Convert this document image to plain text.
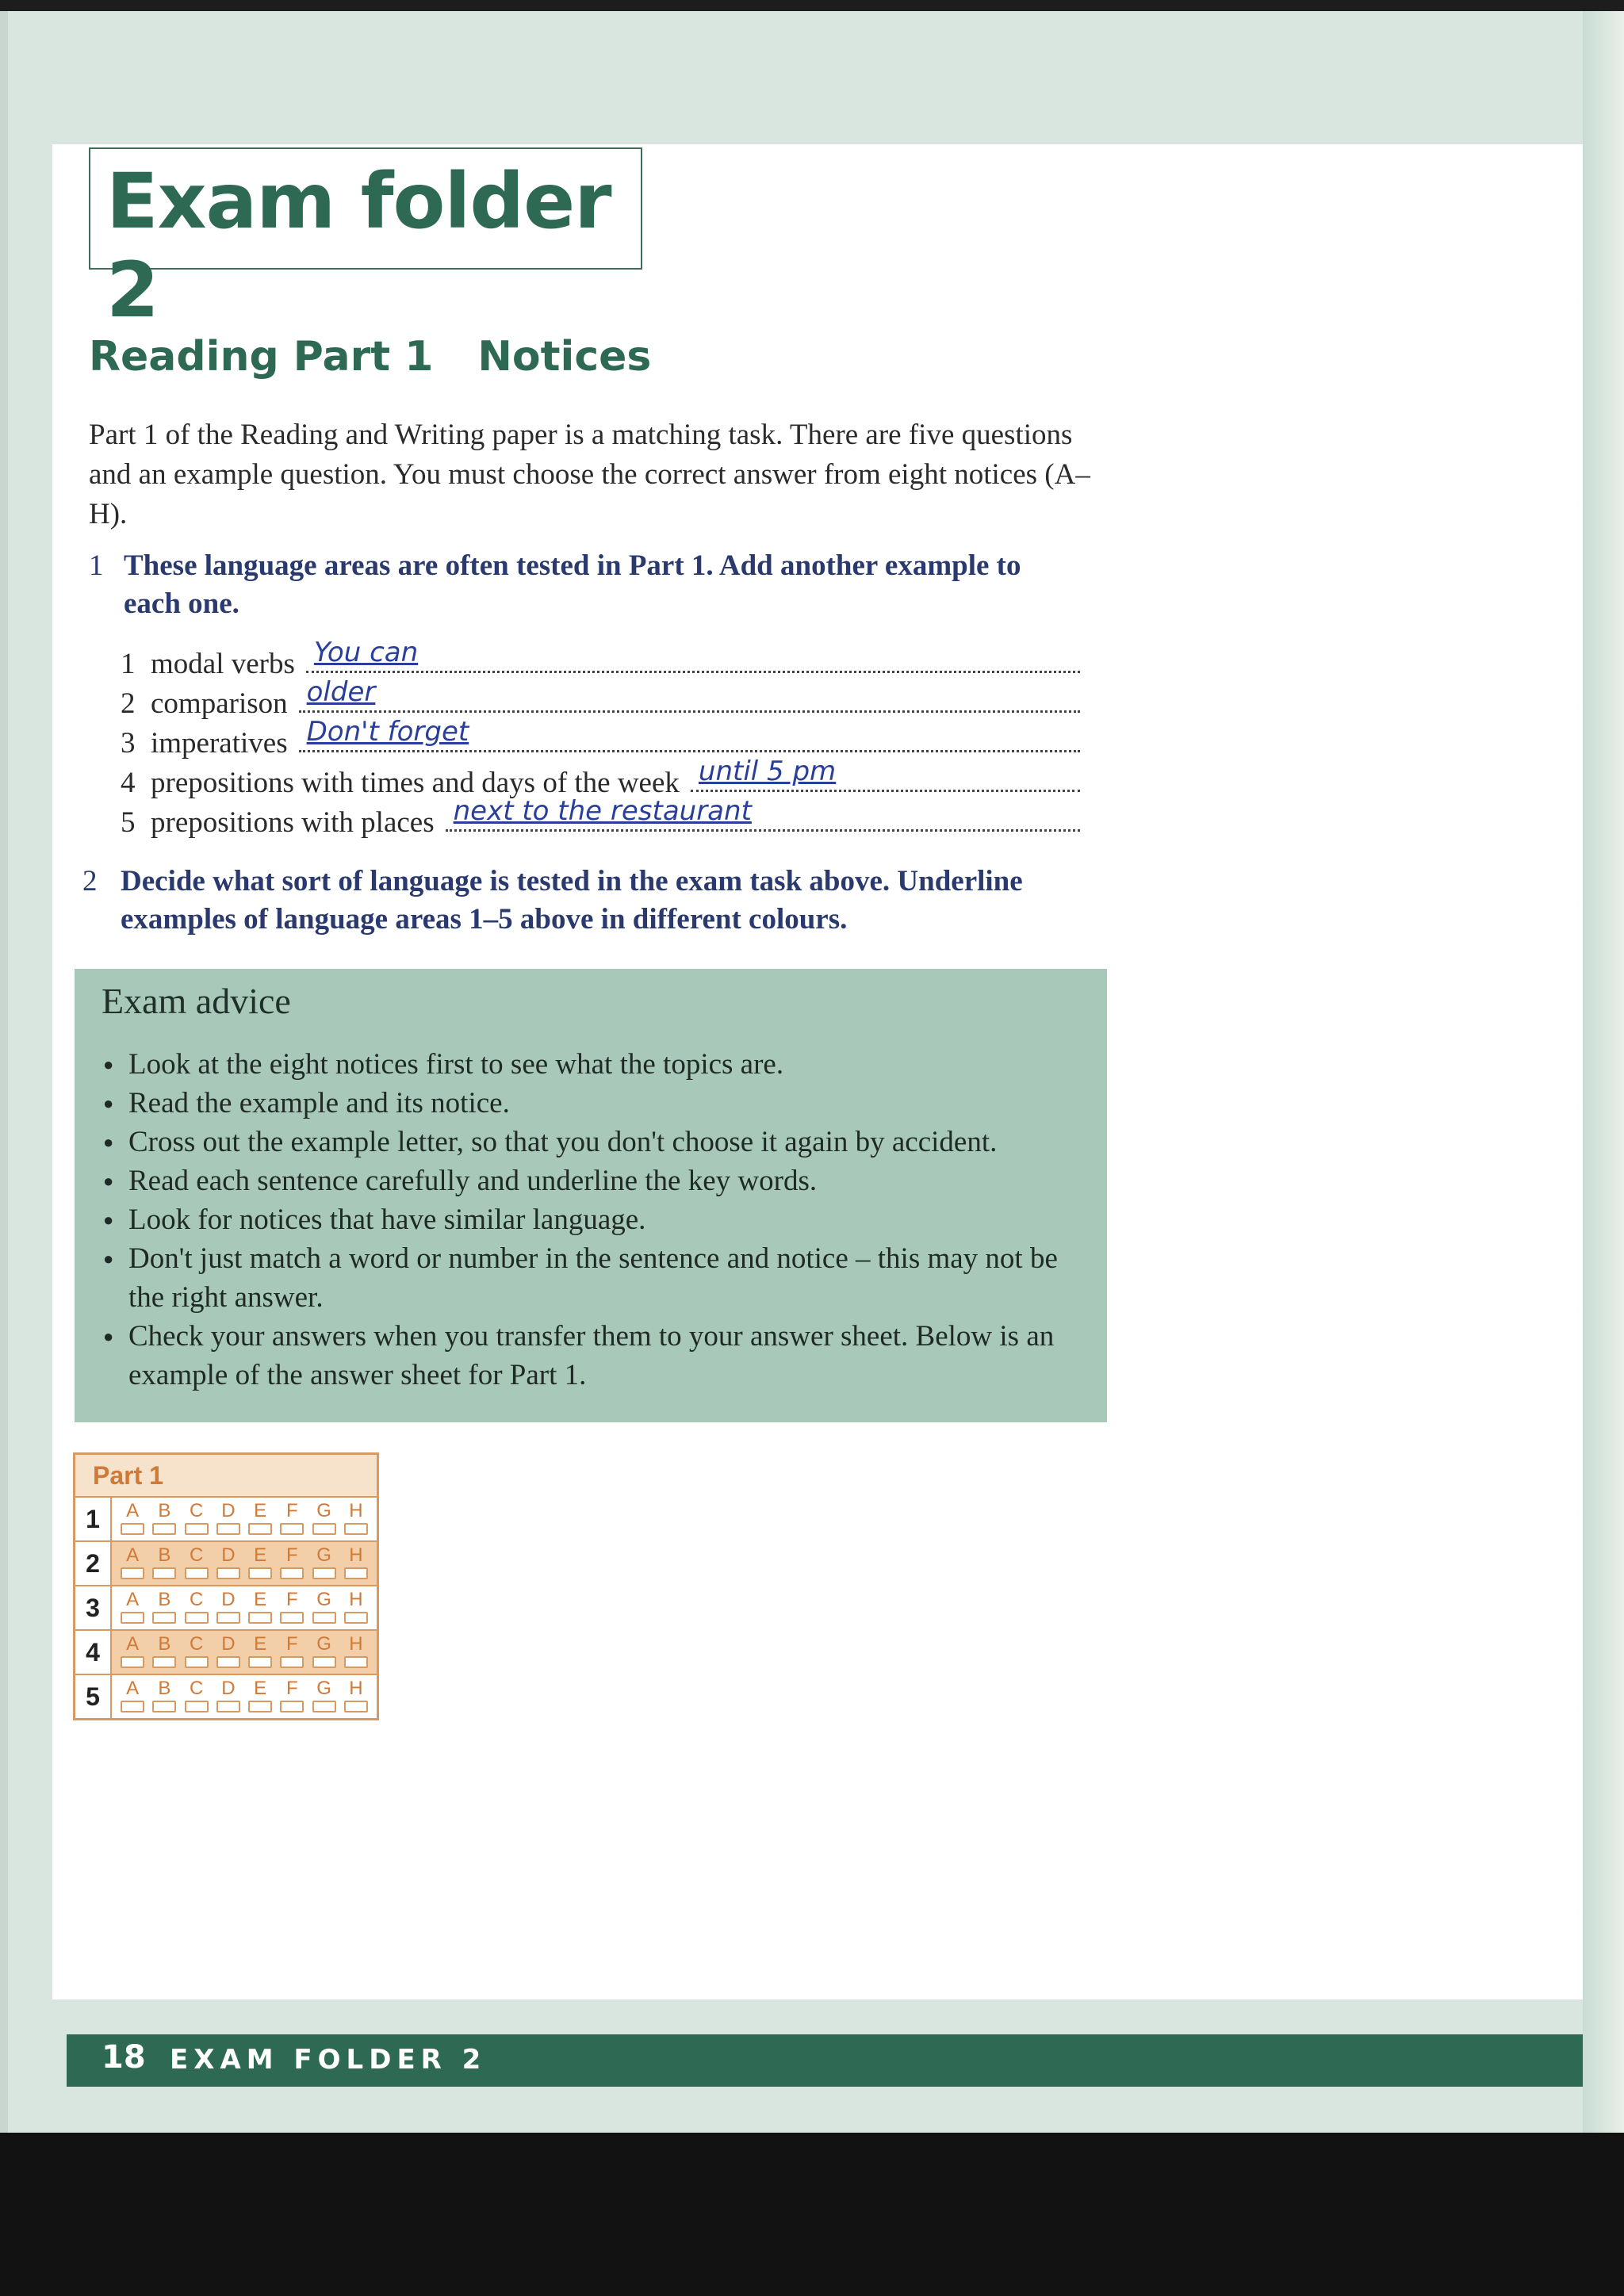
Exam folder 2
Reading Part 1 Notices
Part 1 of the Reading and Writing paper is a matching task. There are five questions and an example question. You must choose the correct answer from eight notices (A–H).
1 These language areas are often tested in Part 1. Add another example to each one.
1 modal verbs You can
2 comparison older
3 imperatives Don't forget
4 prepositions with times and days of the week until 5 pm
5 prepositions with places next to the restaurant
2 Decide what sort of language is tested in the exam task above. Underline examples of language areas 1–5 above in different colours.
Exam advice
● Look at the eight notices first to see what the topics are.
● Read the example and its notice.
● Cross out the example letter, so that you don't choose it again by accident.
● Read each sentence carefully and underline the key words.
● Look for notices that have similar language.
● Don't just match a word or number in the sentence and notice – this may not be the right answer.
● Check your answers when you transfer them to your answer sheet. Below is an example of the answer sheet for Part 1.
Part 1
1	A B C D E F G H
2	A B C D E F G H
3	A B C D E F G H
4	A B C D E F G H
5	A B C D E F G H
18 EXAM FOLDER 2
